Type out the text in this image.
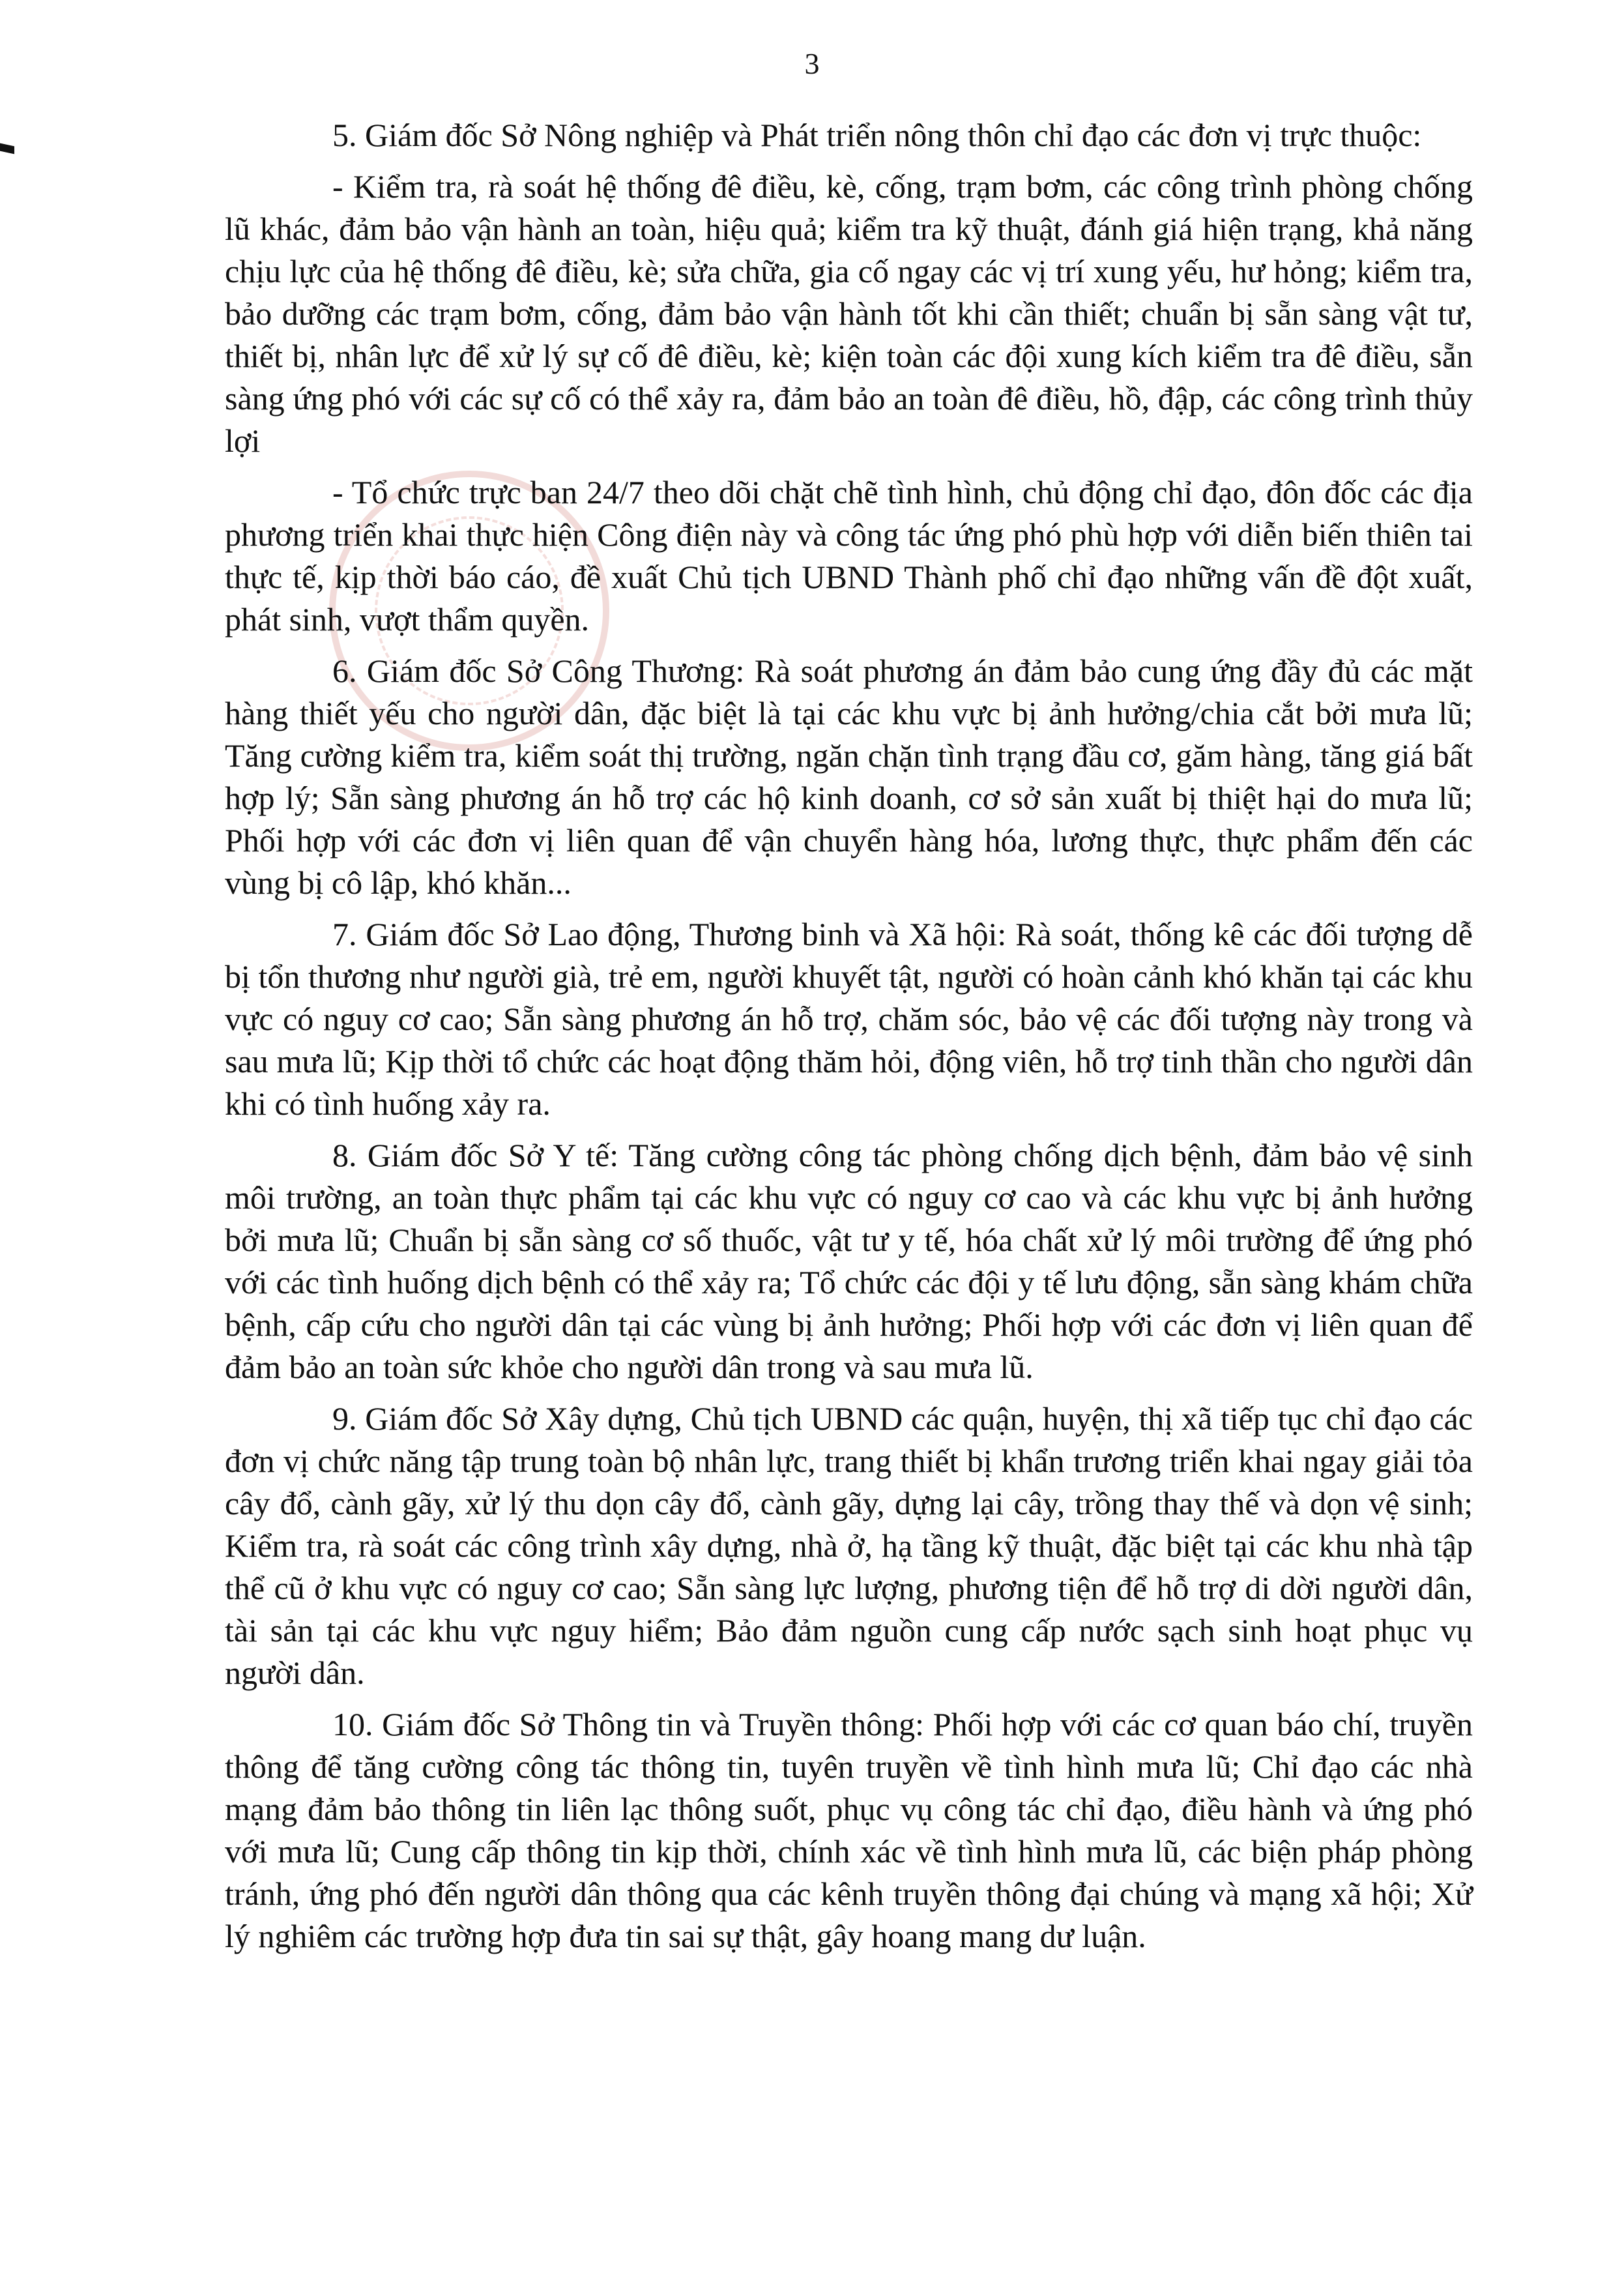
3

5. Giám đốc Sở Nông nghiệp và Phát triển nông thôn chỉ đạo các đơn vị trực thuộc:

- Kiểm tra, rà soát hệ thống đê điều, kè, cống, trạm bơm, các công trình phòng chống lũ khác, đảm bảo vận hành an toàn, hiệu quả; kiểm tra kỹ thuật, đánh giá hiện trạng, khả năng chịu lực của hệ thống đê điều, kè; sửa chữa, gia cố ngay các vị trí xung yếu, hư hỏng; kiểm tra, bảo dưỡng các trạm bơm, cống, đảm bảo vận hành tốt khi cần thiết; chuẩn bị sẵn sàng vật tư, thiết bị, nhân lực để xử lý sự cố đê điều, kè; kiện toàn các đội xung kích kiểm tra đê điều, sẵn sàng ứng phó với các sự cố có thể xảy ra, đảm bảo an toàn đê điều, hồ, đập, các công trình thủy lợi

- Tổ chức trực ban 24/7 theo dõi chặt chẽ tình hình, chủ động chỉ đạo, đôn đốc các địa phương triển khai thực hiện Công điện này và công tác ứng phó phù hợp với diễn biến thiên tai thực tế, kịp thời báo cáo, đề xuất Chủ tịch UBND Thành phố chỉ đạo những vấn đề đột xuất, phát sinh, vượt thẩm quyền.

6. Giám đốc Sở Công Thương: Rà soát phương án đảm bảo cung ứng đầy đủ các mặt hàng thiết yếu cho người dân, đặc biệt là tại các khu vực bị ảnh hưởng/chia cắt bởi mưa lũ; Tăng cường kiểm tra, kiểm soát thị trường, ngăn chặn tình trạng đầu cơ, găm hàng, tăng giá bất hợp lý; Sẵn sàng phương án hỗ trợ các hộ kinh doanh, cơ sở sản xuất bị thiệt hại do mưa lũ; Phối hợp với các đơn vị liên quan để vận chuyển hàng hóa, lương thực, thực phẩm đến các vùng bị cô lập, khó khăn...

7. Giám đốc Sở Lao động, Thương binh và Xã hội: Rà soát, thống kê các đối tượng dễ bị tổn thương như người già, trẻ em, người khuyết tật, người có hoàn cảnh khó khăn tại các khu vực có nguy cơ cao; Sẵn sàng phương án hỗ trợ, chăm sóc, bảo vệ các đối tượng này trong và sau mưa lũ; Kịp thời tổ chức các hoạt động thăm hỏi, động viên, hỗ trợ tinh thần cho người dân khi có tình huống xảy ra.

8. Giám đốc Sở Y tế: Tăng cường công tác phòng chống dịch bệnh, đảm bảo vệ sinh môi trường, an toàn thực phẩm tại các khu vực có nguy cơ cao và các khu vực bị ảnh hưởng bởi mưa lũ; Chuẩn bị sẵn sàng cơ số thuốc, vật tư y tế, hóa chất xử lý môi trường để ứng phó với các tình huống dịch bệnh có thể xảy ra; Tổ chức các đội y tế lưu động, sẵn sàng khám chữa bệnh, cấp cứu cho người dân tại các vùng bị ảnh hưởng; Phối hợp với các đơn vị liên quan để đảm bảo an toàn sức khỏe cho người dân trong và sau mưa lũ.

9. Giám đốc Sở Xây dựng, Chủ tịch UBND các quận, huyện, thị xã tiếp tục chỉ đạo các đơn vị chức năng tập trung toàn bộ nhân lực, trang thiết bị khẩn trương triển khai ngay giải tỏa cây đổ, cành gãy, xử lý thu dọn cây đổ, cành gãy, dựng lại cây, trồng thay thế và dọn vệ sinh; Kiểm tra, rà soát các công trình xây dựng, nhà ở, hạ tầng kỹ thuật, đặc biệt tại các khu nhà tập thể cũ ở khu vực có nguy cơ cao; Sẵn sàng lực lượng, phương tiện để hỗ trợ di dời người dân, tài sản tại các khu vực nguy hiểm; Bảo đảm nguồn cung cấp nước sạch sinh hoạt phục vụ người dân.

10. Giám đốc Sở Thông tin và Truyền thông: Phối hợp với các cơ quan báo chí, truyền thông để tăng cường công tác thông tin, tuyên truyền về tình hình mưa lũ; Chỉ đạo các nhà mạng đảm bảo thông tin liên lạc thông suốt, phục vụ công tác chỉ đạo, điều hành và ứng phó với mưa lũ; Cung cấp thông tin kịp thời, chính xác về tình hình mưa lũ, các biện pháp phòng tránh, ứng phó đến người dân thông qua các kênh truyền thông đại chúng và mạng xã hội; Xử lý nghiêm các trường hợp đưa tin sai sự thật, gây hoang mang dư luận.
